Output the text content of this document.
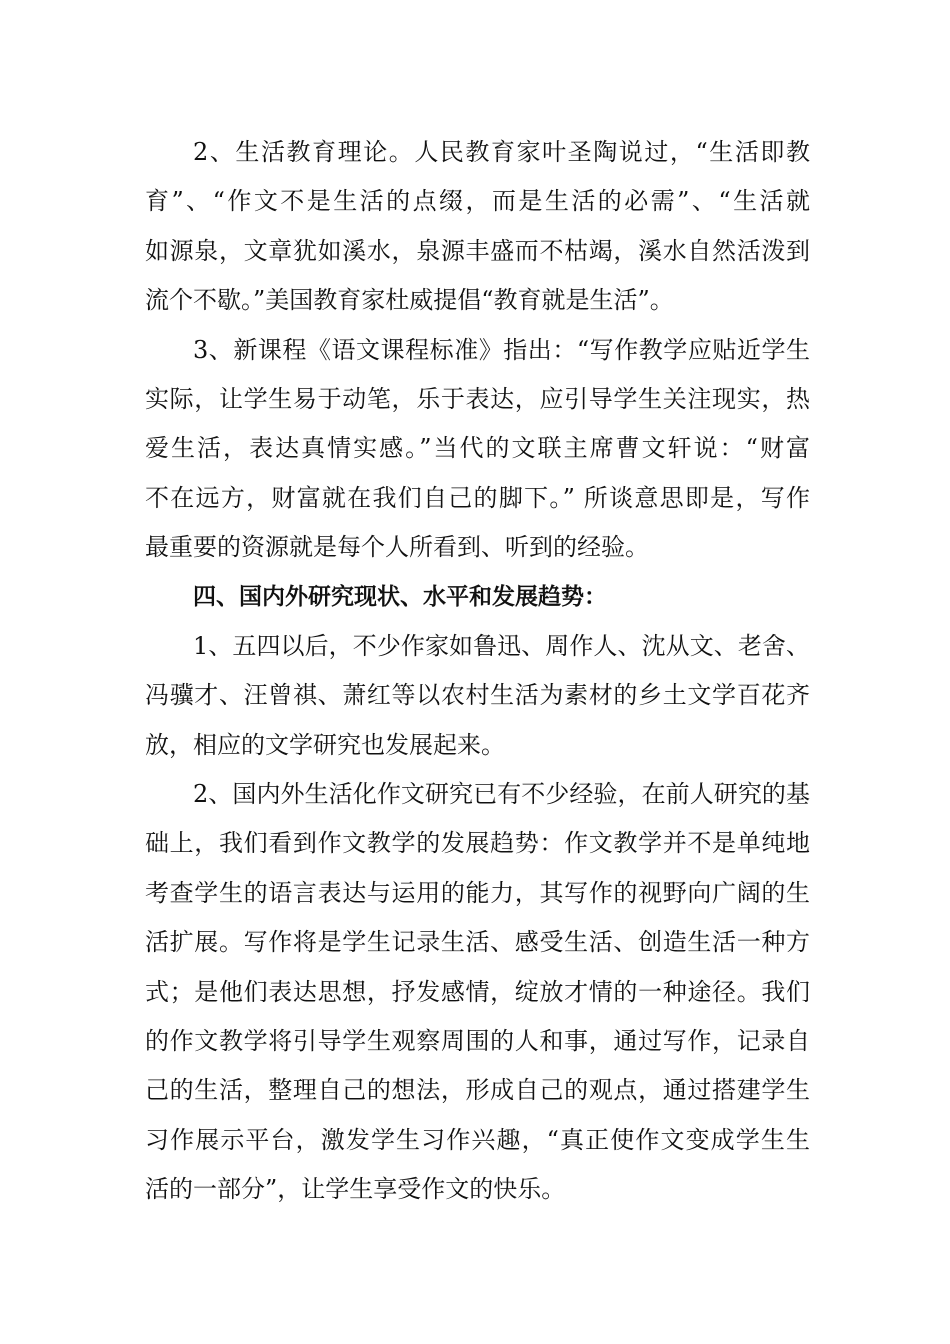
2、生活教育理论。人民教育家叶圣陶说过，“生活即教
育”、“作文不是生活的点缀，而是生活的必需”、“生活就
如源泉，文章犹如溪水，泉源丰盛而不枯竭，溪水自然活泼到
流个不歇。”美国教育家杜威提倡“教育就是生活”。
3、新课程《语文课程标准》指出：“写作教学应贴近学生
实际，让学生易于动笔，乐于表达，应引导学生关注现实，热
爱生活，表达真情实感。”当代的文联主席曹文轩说：“财富
不在远方，财富就在我们自己的脚下。” 所谈意思即是，写作
最重要的资源就是每个人所看到、听到的经验。
四、国内外研究现状、水平和发展趋势：
1、五四以后，不少作家如鲁迅、周作人、沈从文、老舍、
冯骥才、汪曾祺、萧红等以农村生活为素材的乡土文学百花齐
放，相应的文学研究也发展起来。
2、国内外生活化作文研究已有不少经验，在前人研究的基
础上，我们看到作文教学的发展趋势：作文教学并不是单纯地
考查学生的语言表达与运用的能力，其写作的视野向广阔的生
活扩展。写作将是学生记录生活、感受生活、创造生活一种方
式；是他们表达思想，抒发感情，绽放才情的一种途径。我们
的作文教学将引导学生观察周围的人和事，通过写作，记录自
己的生活，整理自己的想法，形成自己的观点，通过搭建学生
习作展示平台，激发学生习作兴趣，“真正使作文变成学生生
活的一部分”，让学生享受作文的快乐。
